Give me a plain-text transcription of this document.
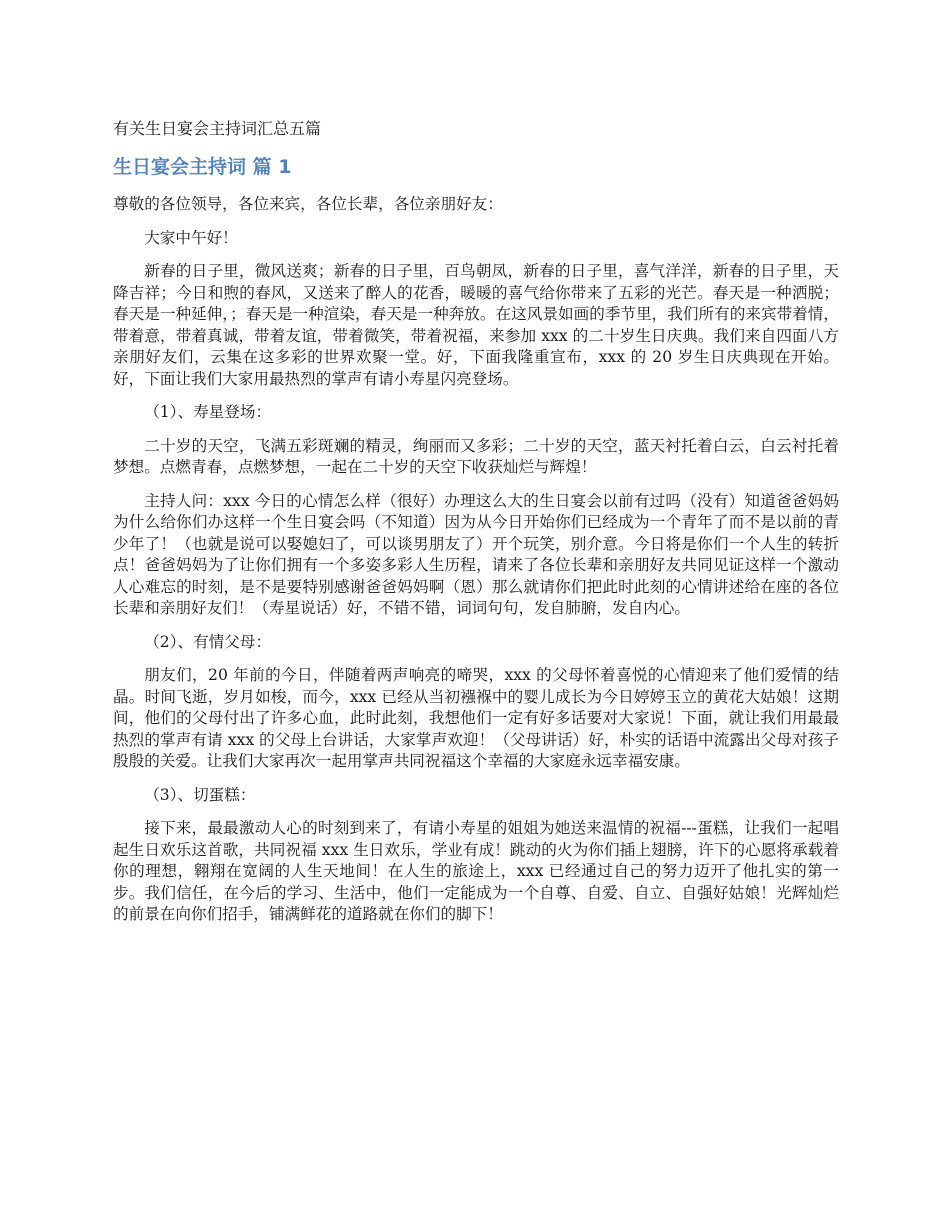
有关生日宴会主持词汇总五篇
生日宴会主持词 篇 1

尊敬的各位领导，各位来宾，各位长辈，各位亲朋好友：

大家中午好！

新春的日子里，微风送爽；新春的日子里，百鸟朝凤，新春的日子里，喜气洋洋，新春的日子里，天降吉祥；今日和煦的春风，又送来了醉人的花香，暖暖的喜气给你带来了五彩的光芒。春天是一种洒脱；春天是一种延伸，；春天是一种渲染，春天是一种奔放。在这风景如画的季节里，我们所有的来宾带着情，带着意，带着真诚，带着友谊，带着微笑，带着祝福，来参加 xxx 的二十岁生日庆典。我们来自四面八方亲朋好友们，云集在这多彩的世界欢聚一堂。好，下面我隆重宣布，xxx 的 20 岁生日庆典现在开始。好，下面让我们大家用最热烈的掌声有请小寿星闪亮登场。

（1）、寿星登场：

二十岁的天空，飞满五彩斑斓的精灵，绚丽而又多彩；二十岁的天空，蓝天衬托着白云，白云衬托着梦想。点燃青春，点燃梦想，一起在二十岁的天空下收获灿烂与辉煌！

主持人问：xxx 今日的心情怎么样（很好）办理这么大的生日宴会以前有过吗（没有）知道爸爸妈妈为什么给你们办这样一个生日宴会吗（不知道）因为从今日开始你们已经成为一个青年了而不是以前的青少年了！（也就是说可以娶媳妇了，可以谈男朋友了）开个玩笑，别介意。今日将是你们一个人生的转折点！爸爸妈妈为了让你们拥有一个多姿多彩人生历程，请来了各位长辈和亲朋好友共同见证这样一个激动人心难忘的时刻，是不是要特别感谢爸爸妈妈啊（恩）那么就请你们把此时此刻的心情讲述给在座的各位长辈和亲朋好友们！（寿星说话）好，不错不错，词词句句，发自肺腑，发自内心。

（2）、有情父母：

朋友们，20 年前的今日，伴随着两声响亮的啼哭，xxx 的父母怀着喜悦的心情迎来了他们爱情的结晶。时间飞逝，岁月如梭，而今，xxx 已经从当初襁褓中的婴儿成长为今日婷婷玉立的黄花大姑娘！这期间，他们的父母付出了许多心血，此时此刻，我想他们一定有好多话要对大家说！下面，就让我们用最最热烈的掌声有请 xxx 的父母上台讲话，大家掌声欢迎！（父母讲话）好，朴实的话语中流露出父母对孩子殷殷的关爱。让我们大家再次一起用掌声共同祝福这个幸福的大家庭永远幸福安康。

（3）、切蛋糕：

接下来，最最激动人心的时刻到来了，有请小寿星的姐姐为她送来温情的祝福---蛋糕，让我们一起唱起生日欢乐这首歌，共同祝福 xxx 生日欢乐，学业有成！跳动的火为你们插上翅膀，许下的心愿将承载着你的理想，翱翔在宽阔的人生天地间！在人生的旅途上，xxx 已经通过自己的努力迈开了他扎实的第一步。我们信任，在今后的学习、生活中，他们一定能成为一个自尊、自爱、自立、自强好姑娘！光辉灿烂的前景在向你们招手，铺满鲜花的道路就在你们的脚下！
